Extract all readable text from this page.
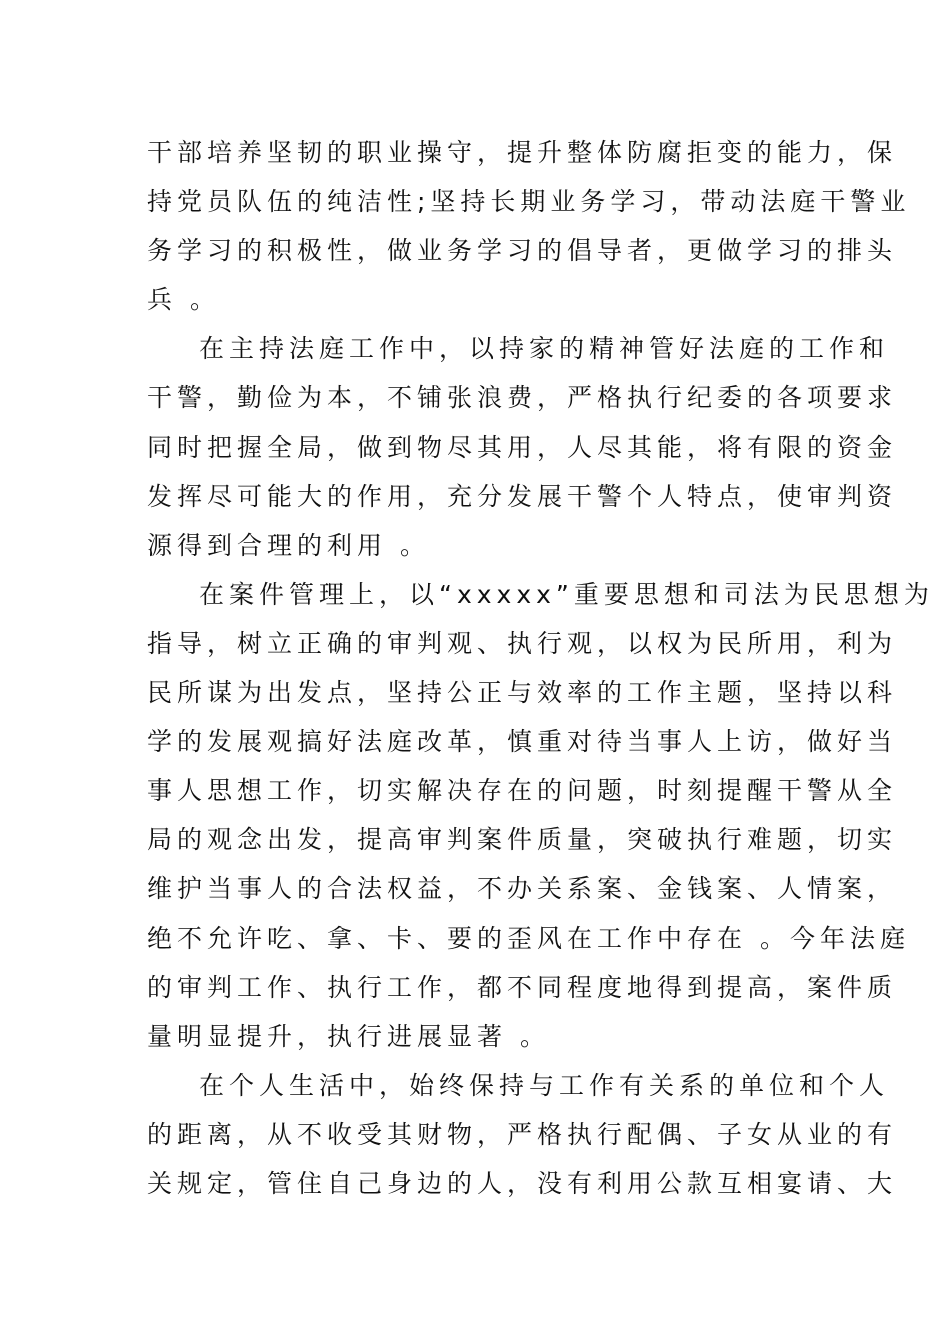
干部培养坚韧的职业操守，提升整体防腐拒变的能力，保
持党员队伍的纯洁性;坚持长期业务学习，带动法庭干警业
务学习的积极性，做业务学习的倡导者，更做学习的排头
兵 。
在主持法庭工作中，以持家的精神管好法庭的工作和
干警，勤俭为本，不铺张浪费，严格执行纪委的各项要求
同时把握全局，做到物尽其用，人尽其能，将有限的资金
发挥尽可能大的作用，充分发展干警个人特点，使审判资
源得到合理的利用 。
在案件管理上，以“xxxxx”重要思想和司法为民思想为
指导，树立正确的审判观、执行观，以权为民所用，利为
民所谋为出发点，坚持公正与效率的工作主题，坚持以科
学的发展观搞好法庭改革，慎重对待当事人上访，做好当
事人思想工作，切实解决存在的问题，时刻提醒干警从全
局的观念出发，提高审判案件质量，突破执行难题，切实
维护当事人的合法权益，不办关系案、金钱案、人情案，
绝不允许吃、拿、卡、要的歪风在工作中存在 。今年法庭
的审判工作、执行工作，都不同程度地得到提高，案件质
量明显提升，执行进展显著 。
在个人生活中，始终保持与工作有关系的单位和个人
的距离，从不收受其财物，严格执行配偶、子女从业的有
关规定，管住自己身边的人，没有利用公款互相宴请、大
